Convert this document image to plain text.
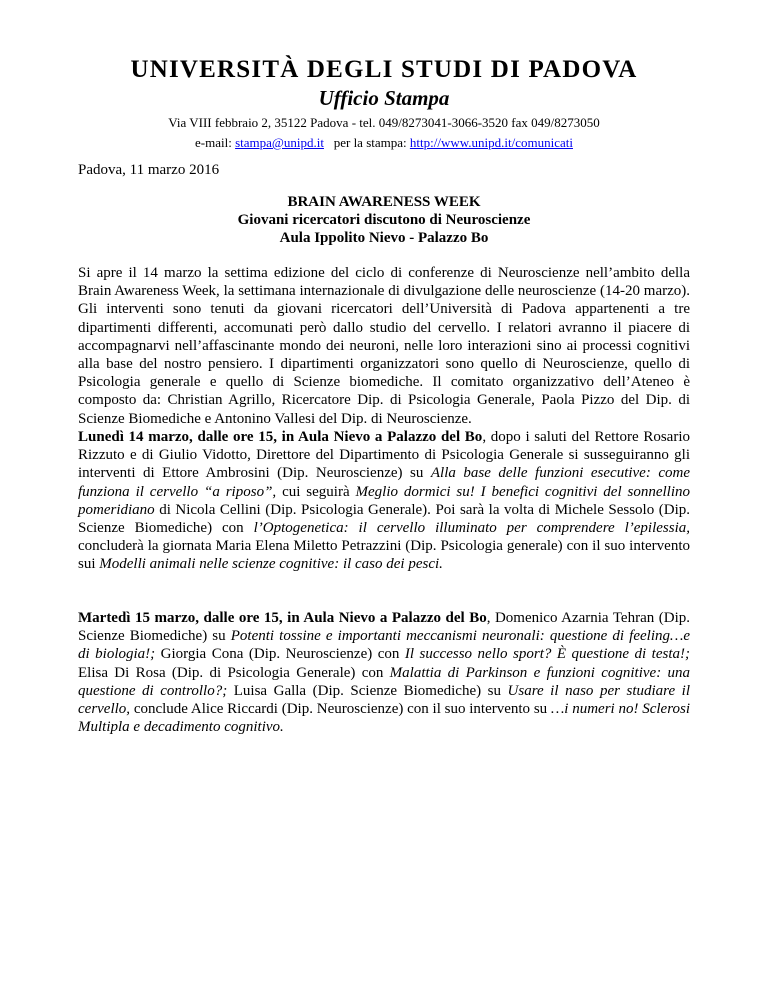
UNIVERSITÀ DEGLI STUDI DI PADOVA
Ufficio Stampa
Via VIII febbraio 2, 35122 Padova - tel. 049/8273041-3066-3520 fax 049/8273050
e-mail: stampa@unipd.it per la stampa: http://www.unipd.it/comunicati
Padova, 11 marzo 2016
BRAIN AWARENESS WEEK
Giovani ricercatori discutono di Neuroscienze
Aula Ippolito Nievo - Palazzo Bo

Si apre il 14 marzo la settima edizione del ciclo di conferenze di Neuroscienze nell’ambito della Brain Awareness Week, la settimana internazionale di divulgazione delle neuroscienze (14-20 marzo). Gli interventi sono tenuti da giovani ricercatori dell’Università di Padova appartenenti a tre dipartimenti differenti, accomunati però dallo studio del cervello. I relatori avranno il piacere di accompagnarvi nell’affascinante mondo dei neuroni, nelle loro interazioni sino ai processi cognitivi alla base del nostro pensiero. I dipartimenti organizzatori sono quello di Neuroscienze, quello di Psicologia generale e quello di Scienze biomediche. Il comitato organizzativo dell’Ateneo è composto da: Christian Agrillo, Ricercatore Dip. di Psicologia Generale, Paola Pizzo del Dip. di Scienze Biomediche e Antonino Vallesi del Dip. di Neuroscienze.

Lunedì 14 marzo, dalle ore 15, in Aula Nievo a Palazzo del Bo, dopo i saluti del Rettore Rosario Rizzuto e di Giulio Vidotto, Direttore del Dipartimento di Psicologia Generale si susseguiranno gli interventi di Ettore Ambrosini (Dip. Neuroscienze) su Alla base delle funzioni esecutive: come funziona il cervello “a riposo”, cui seguirà Meglio dormici su! I benefici cognitivi del sonnellino pomeridiano di Nicola Cellini (Dip. Psicologia Generale). Poi sarà la volta di Michele Sessolo (Dip. Scienze Biomediche) con l’Optogenetica: il cervello illuminato per comprendere l’epilessia, concluderà la giornata Maria Elena Miletto Petrazzini (Dip. Psicologia generale) con il suo intervento sui Modelli animali nelle scienze cognitive: il caso dei pesci.

Martedì 15 marzo, dalle ore 15, in Aula Nievo a Palazzo del Bo, Domenico Azarnia Tehran (Dip. Scienze Biomediche) su Potenti tossine e importanti meccanismi neuronali: questione di feeling…e di biologia!; Giorgia Cona (Dip. Neuroscienze) con Il successo nello sport? È questione di testa!; Elisa Di Rosa (Dip. di Psicologia Generale) con Malattia di Parkinson e funzioni cognitive: una questione di controllo?; Luisa Galla (Dip. Scienze Biomediche) su Usare il naso per studiare il cervello, conclude Alice Riccardi (Dip. Neuroscienze) con il suo intervento su …i numeri no! Sclerosi Multipla e decadimento cognitivo.
